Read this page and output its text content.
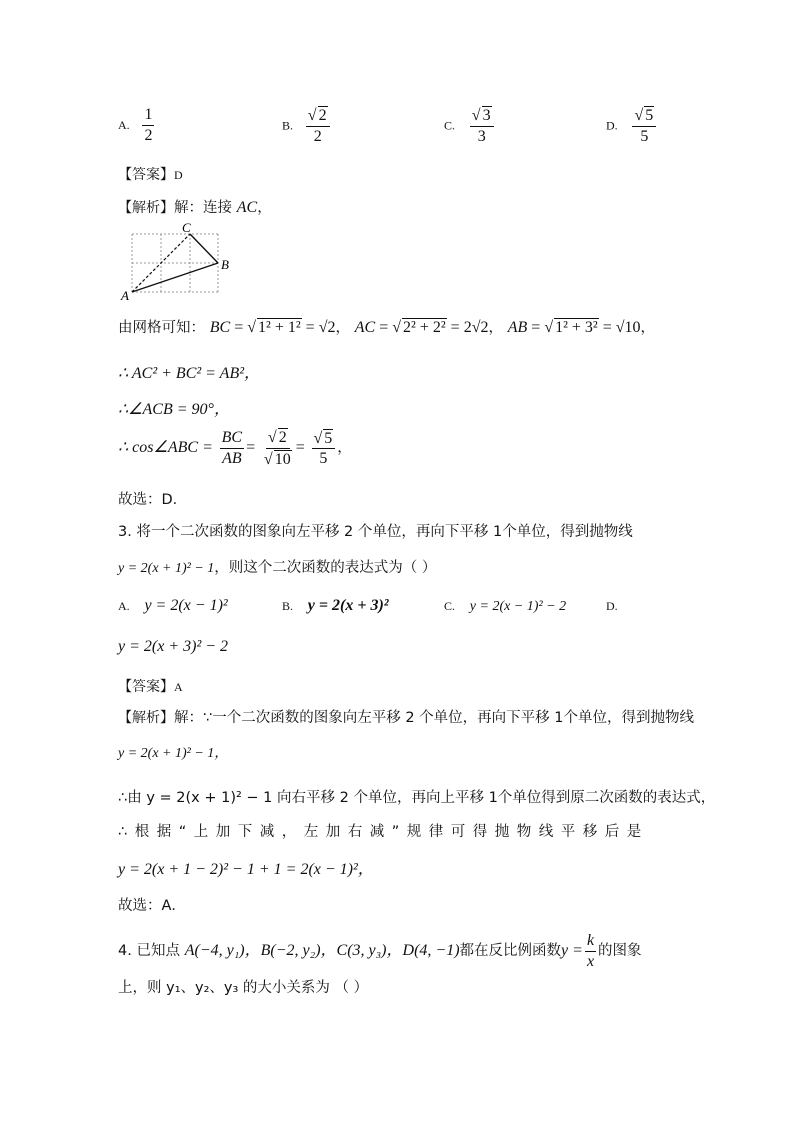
A. $\frac{1}{2}$	B. $\frac{√ 2}{2}$	C. $\frac{√ 3}{3}$	D. $\frac{√ 5}{5}$
【答案】D
【解析】解：连接 AC，
C
B
A
由网格可知： BC = √ 1² + 1² = √2， AC = √ 2² + 2² = 2√2， AB = √ 1² + 3² = √10，
∴ AC² + BC² = AB²，
∴∠ACB = 90°，
∴ cos∠ABC = $\frac{BC}{AB} = \frac{√ 2}{√ 10} = \frac{√ 5}{5}$ ，
故选：D．
3. 将一个二次函数的图象向左平移 2 个单位，再向下平移 1个单位，得到抛物线
y = 2(x + 1)² − 1，则这个二次函数的表达式为（ ）
A. y = 2(x − 1)²	B. y = 2(x + 3)²	C. y = 2(x − 1)² − 2	D.
y = 2(x + 3)² − 2
【答案】A
【解析】解：∵一个二次函数的图象向左平移 2 个单位，再向下平移 1个单位，得到抛物线
y = 2(x + 1)² − 1，
∴由 y = 2(x + 1)² − 1 向右平移 2 个单位，再向上平移 1个单位得到原二次函数的表达式，
∴根据“上加下减，左加右减”规律可得抛物线平移后是
y = 2(x + 1 − 2)² − 1 + 1 = 2(x − 1)²，
故选：A．
4. 已知点 A(−4, y₁)，B(−2, y₂)，C(3, y₃)，D(4, −1)都在反比例函数$y = \frac{k}{x}$ 的图象
上，则 y₁、y₂、y₃ 的大小关系为 （ ）
